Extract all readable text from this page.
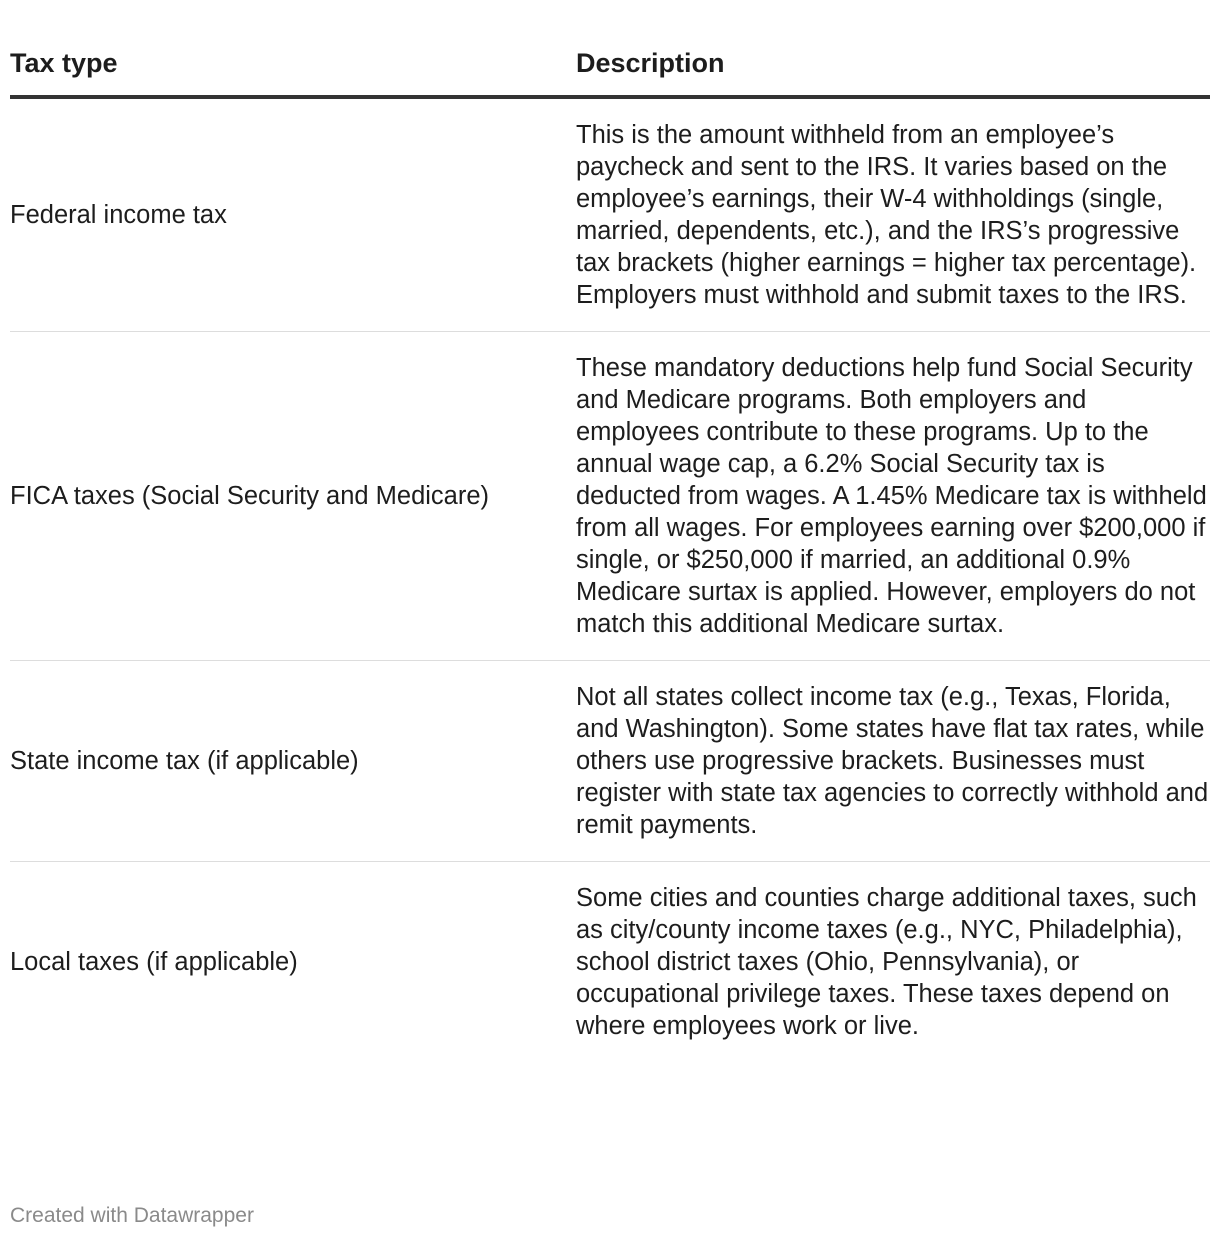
Tax type	Description
Federal income tax	This is the amount withheld from an employee’s paycheck and sent to the IRS. It varies based on the employee’s earnings, their W-4 withholdings (single, married, dependents, etc.), and the IRS’s progressive tax brackets (higher earnings = higher tax percentage). Employers must withhold and submit taxes to the IRS.
FICA taxes (Social Security and Medicare)	These mandatory deductions help fund Social Security and Medicare programs. Both employers and employees contribute to these programs. Up to the annual wage cap, a 6.2% Social Security tax is deducted from wages. A 1.45% Medicare tax is withheld from all wages. For employees earning over $200,000 if single, or $250,000 if married, an additional 0.9% Medicare surtax is applied. However, employers do not match this additional Medicare surtax.
State income tax (if applicable)	Not all states collect income tax (e.g., Texas, Florida, and Washington). Some states have flat tax rates, while others use progressive brackets. Businesses must register with state tax agencies to correctly withhold and remit payments.
Local taxes (if applicable)	Some cities and counties charge additional taxes, such as city/county income taxes (e.g., NYC, Philadelphia), school district taxes (Ohio, Pennsylvania), or occupational privilege taxes. These taxes depend on where employees work or live.
Created with Datawrapper
